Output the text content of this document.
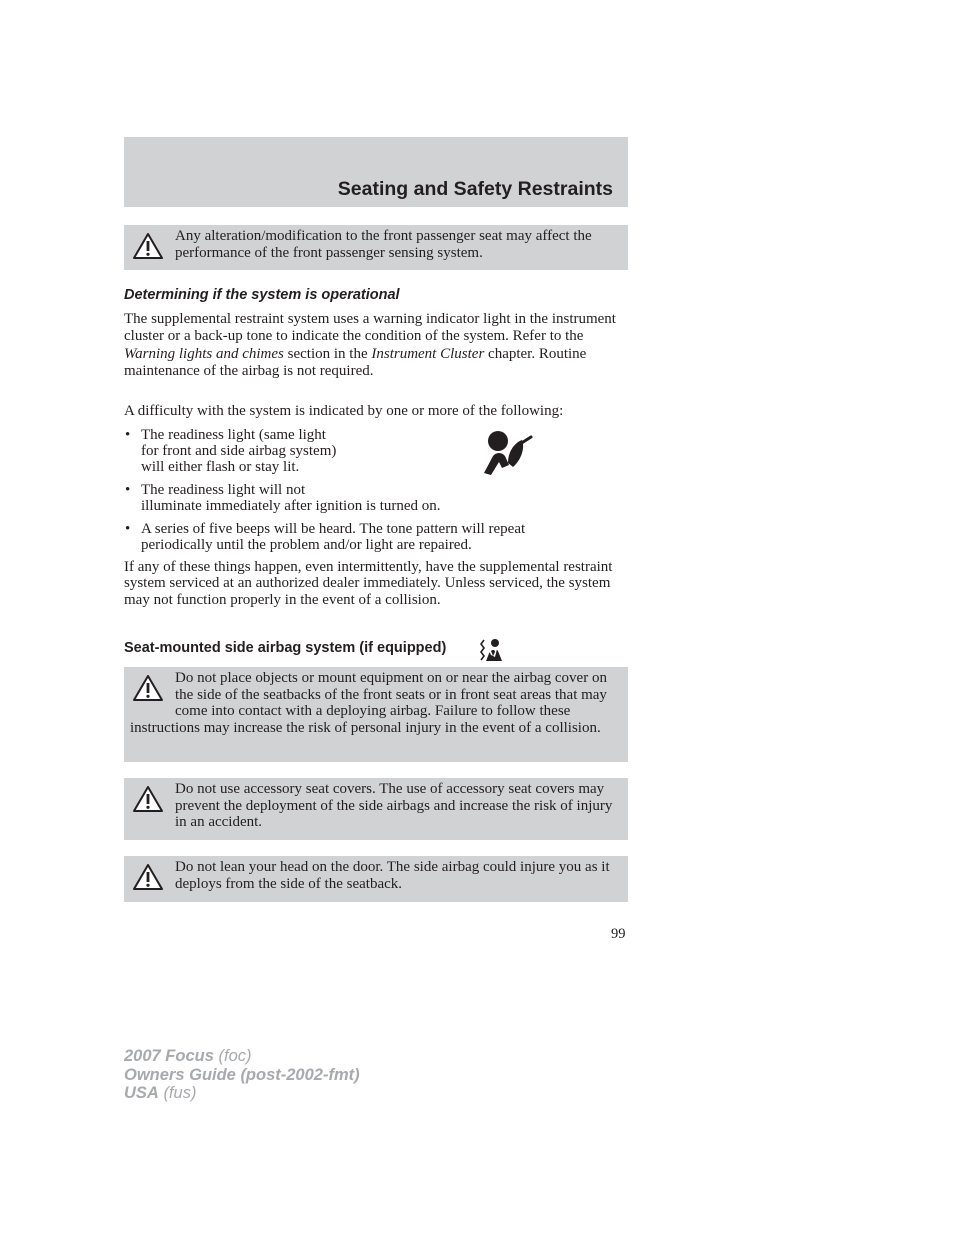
Seating and Safety Restraints
Any alteration/modification to the front passenger seat may affect the performance of the front passenger sensing system.
Determining if the system is operational
The supplemental restraint system uses a warning indicator light in the instrument cluster or a back-up tone to indicate the condition of the system. Refer to the Warning lights and chimes section in the Instrument Cluster chapter. Routine maintenance of the airbag is not required.
A difficulty with the system is indicated by one or more of the following:
• The readiness light (same light
for front and side airbag system)
will either flash or stay lit.
• The readiness light will not
illuminate immediately after ignition is turned on.
• A series of five beeps will be heard. The tone pattern will repeat
periodically until the problem and/or light are repaired.
If any of these things happen, even intermittently, have the supplemental restraint system serviced at an authorized dealer immediately. Unless serviced, the system may not function properly in the event of a collision.
Seat-mounted side airbag system (if equipped)
Do not place objects or mount equipment on or near the airbag cover on the side of the seatbacks of the front seats or in front seat areas that may come into contact with a deploying airbag. Failure to follow these instructions may increase the risk of personal injury in the event of a collision.
Do not use accessory seat covers. The use of accessory seat covers may prevent the deployment of the side airbags and increase the risk of injury in an accident.
Do not lean your head on the door. The side airbag could injure you as it deploys from the side of the seatback.
99
2007 Focus (foc)
Owners Guide (post-2002-fmt)
USA (fus)
